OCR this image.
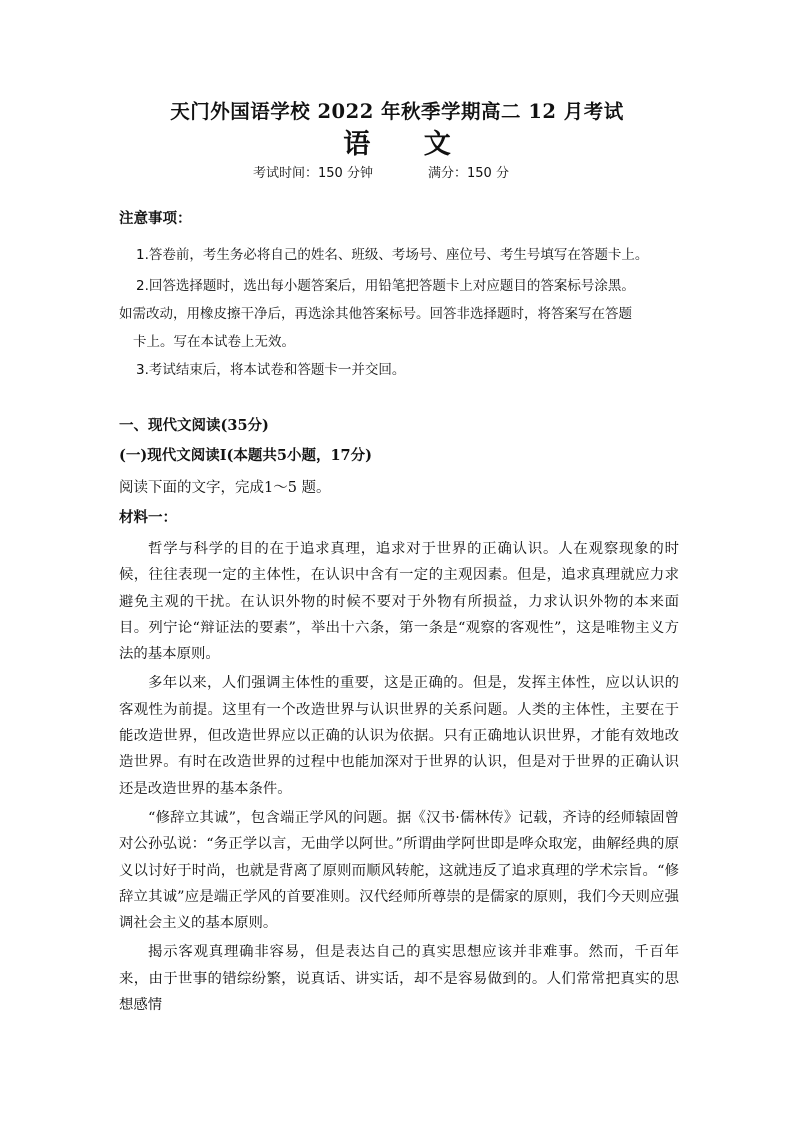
天门外国语学校 2022 年秋季学期高二 12 月考试
语 文
考试时间：150 分钟	满分：150 分
注意事项：

1.答卷前，考生务必将自己的姓名、班级、考场号、座位号、考生号填写在答题卡上。

2.回答选择题时，选出每小题答案后，用铅笔把答题卡上对应题目的答案标号涂黑。

如需改动，用橡皮擦干净后，再选涂其他答案标号。回答非选择题时，将答案写在答题

卡上。写在本试卷上无效。

3.考试结束后，将本试卷和答题卡一并交回。

一、现代文阅读(35分)
(一)现代文阅读Ⅰ(本题共5小题，17分)
阅读下面的文字，完成1～5 题。
材料一：

哲学与科学的目的在于追求真理，追求对于世界的正确认识。人在观察现象的时候，往往表现一定的主体性，在认识中含有一定的主观因素。但是，追求真理就应力求避免主观的干扰。在认识外物的时候不要对于外物有所损益，力求认识外物的本来面目。列宁论“辩证法的要素”，举出十六条，第一条是“观察的客观性”，这是唯物主义方法的基本原则。

多年以来，人们强调主体性的重要，这是正确的。但是，发挥主体性，应以认识的客观性为前提。这里有一个改造世界与认识世界的关系问题。人类的主体性，主要在于能改造世界，但改造世界应以正确的认识为依据。只有正确地认识世界，才能有效地改造世界。有时在改造世界的过程中也能加深对于世界的认识，但是对于世界的正确认识还是改造世界的基本条件。

“修辞立其诚”，包含端正学风的问题。据《汉书·儒林传》记载，齐诗的经师辕固曾对公孙弘说：“务正学以言，无曲学以阿世。”所谓曲学阿世即是哗众取宠，曲解经典的原义以讨好于时尚，也就是背离了原则而顺风转舵，这就违反了追求真理的学术宗旨。“修辞立其诚”应是端正学风的首要准则。汉代经师所尊崇的是儒家的原则，我们今天则应强调社会主义的基本原则。

揭示客观真理确非容易，但是表达自己的真实思想应该并非难事。然而，千百年来，由于世事的错综纷繁，说真话、讲实话，却不是容易做到的。人们常常把真实的思想感情
